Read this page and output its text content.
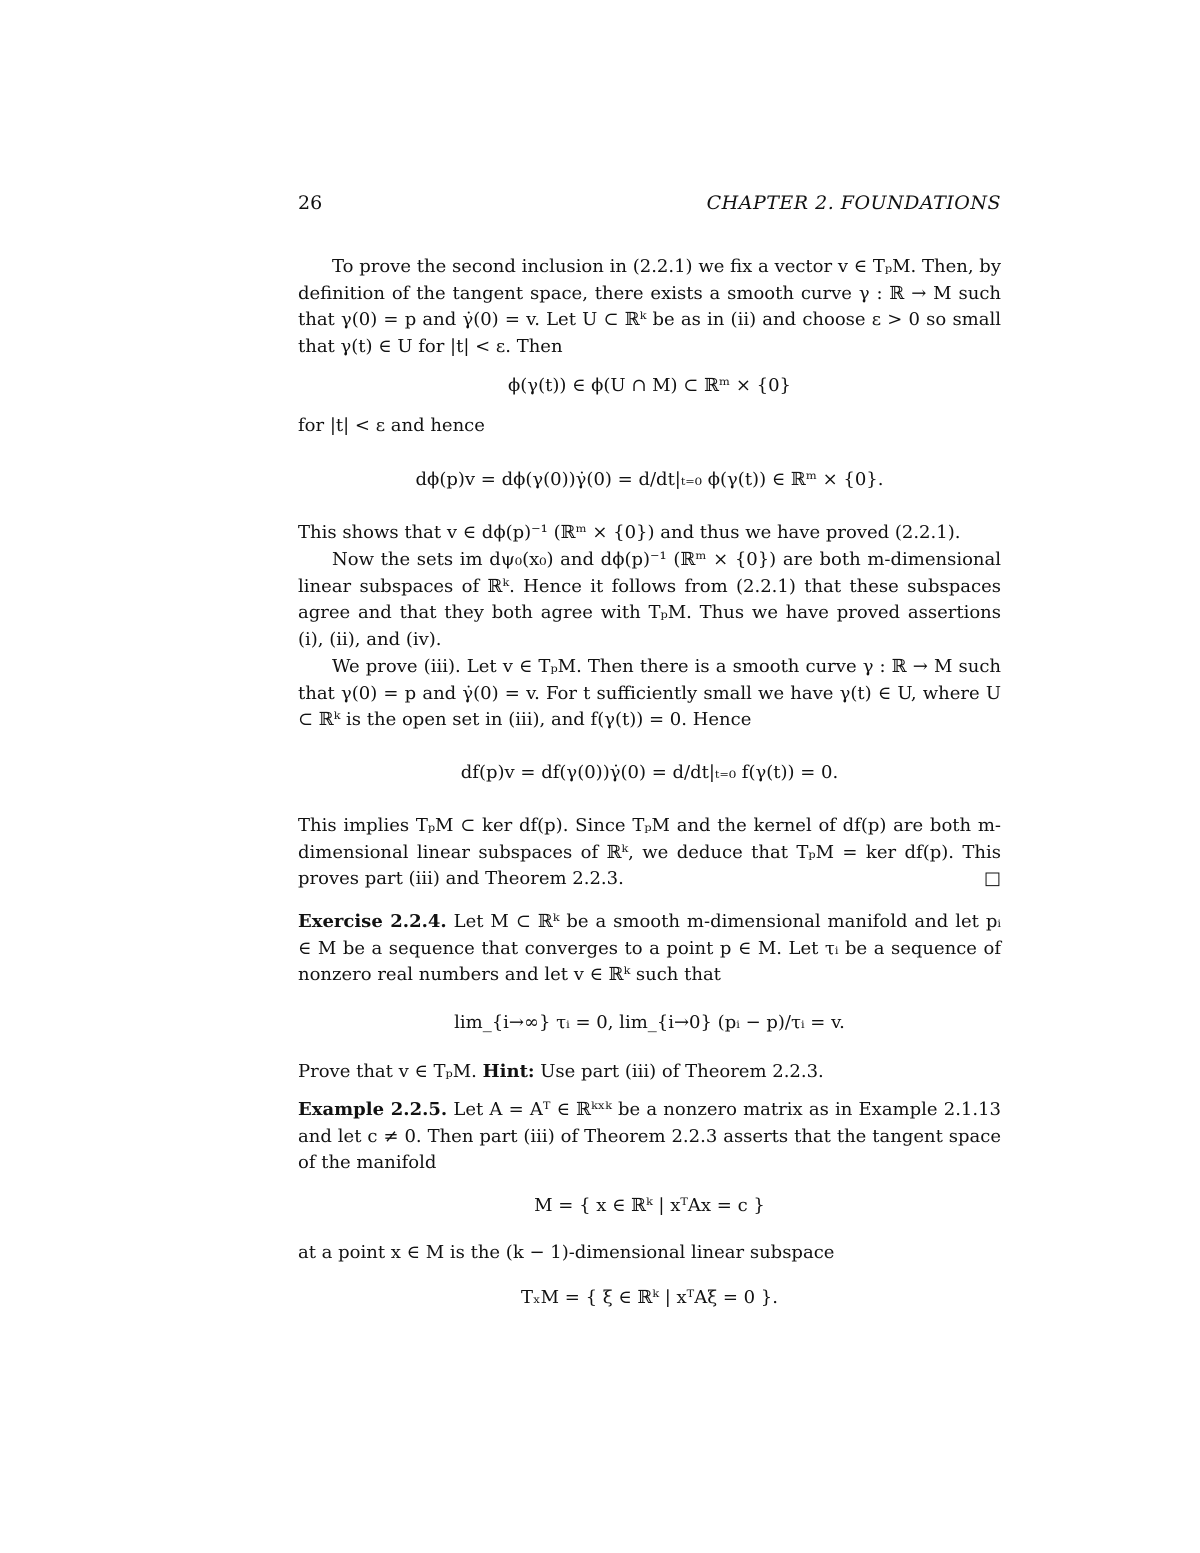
26	CHAPTER 2. FOUNDATIONS
To prove the second inclusion in (2.2.1) we fix a vector v ∈ TₚM. Then, by definition of the tangent space, there exists a smooth curve γ : ℝ → M such that γ(0) = p and γ̇(0) = v. Let U ⊂ ℝᵏ be as in (ii) and choose ε > 0 so small that γ(t) ∈ U for |t| < ε. Then
ϕ(γ(t)) ∈ ϕ(U ∩ M) ⊂ ℝᵐ × {0}
for |t| < ε and hence
dϕ(p)v = dϕ(γ(0))γ̇(0) = d/dt|ₜ₌₀ ϕ(γ(t)) ∈ ℝᵐ × {0}.
This shows that v ∈ dϕ(p)⁻¹ (ℝᵐ × {0}) and thus we have proved (2.2.1).
Now the sets im dψ₀(x₀) and dϕ(p)⁻¹ (ℝᵐ × {0}) are both m-dimensional linear subspaces of ℝᵏ. Hence it follows from (2.2.1) that these subspaces agree and that they both agree with TₚM. Thus we have proved assertions (i), (ii), and (iv).
We prove (iii). Let v ∈ TₚM. Then there is a smooth curve γ : ℝ → M such that γ(0) = p and γ̇(0) = v. For t sufficiently small we have γ(t) ∈ U, where U ⊂ ℝᵏ is the open set in (iii), and f(γ(t)) = 0. Hence
df(p)v = df(γ(0))γ̇(0) = d/dt|ₜ₌₀ f(γ(t)) = 0.
This implies TₚM ⊂ ker df(p). Since TₚM and the kernel of df(p) are both m-dimensional linear subspaces of ℝᵏ, we deduce that TₚM = ker df(p). This proves part (iii) and Theorem 2.2.3.	□
Exercise 2.2.4. Let M ⊂ ℝᵏ be a smooth m-dimensional manifold and let pᵢ ∈ M be a sequence that converges to a point p ∈ M. Let τᵢ be a sequence of nonzero real numbers and let v ∈ ℝᵏ such that
lim_{i→∞} τᵢ = 0, lim_{i→0} (pᵢ − p)/τᵢ = v.
Prove that v ∈ TₚM. Hint: Use part (iii) of Theorem 2.2.3.
Example 2.2.5. Let A = Aᵀ ∈ ℝᵏˣᵏ be a nonzero matrix as in Example 2.1.13 and let c ≠ 0. Then part (iii) of Theorem 2.2.3 asserts that the tangent space of the manifold
M = { x ∈ ℝᵏ | xᵀAx = c }
at a point x ∈ M is the (k − 1)-dimensional linear subspace
TₓM = { ξ ∈ ℝᵏ | xᵀAξ = 0 }.
